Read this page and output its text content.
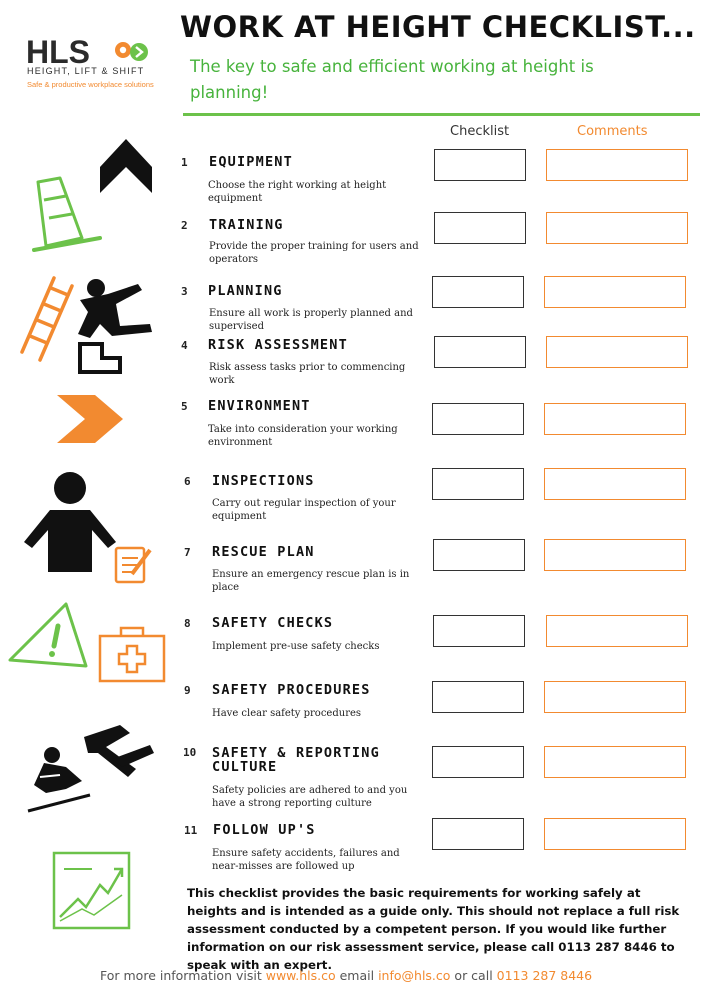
HLS
HEIGHT, LIFT & SHIFT
Safe & productive workplace solutions
WORK AT HEIGHT CHECKLIST...
The key to safe and efficient working at height is planning!
Checklist	Comments
1 EQUIPMENT
Choose the right working at height equipment
2 TRAINING
Provide the proper training for users and operators
3 PLANNING
Ensure all work is properly planned and supervised
4 RISK ASSESSMENT
Risk assess tasks prior to commencing work
5 ENVIRONMENT
Take into consideration your working environment
6 INSPECTIONS
Carry out regular inspection of your equipment
7 RESCUE PLAN
Ensure an emergency rescue plan is in place
8 SAFETY CHECKS
Implement pre-use safety checks
9 SAFETY PROCEDURES
Have clear safety procedures
10 SAFETY & REPORTING CULTURE
Safety policies are adhered to and you have a strong reporting culture
11 FOLLOW UP'S
Ensure safety accidents, failures and near-misses are followed up
This checklist provides the basic requirements for working safely at heights and is intended as a guide only. This should not replace a full risk assessment conducted by a competent person. If you would like further information on our risk assessment service, please call 0113 287 8446 to speak with an expert.
For more information visit www.hls.co email info@hls.co or call 0113 287 8446
